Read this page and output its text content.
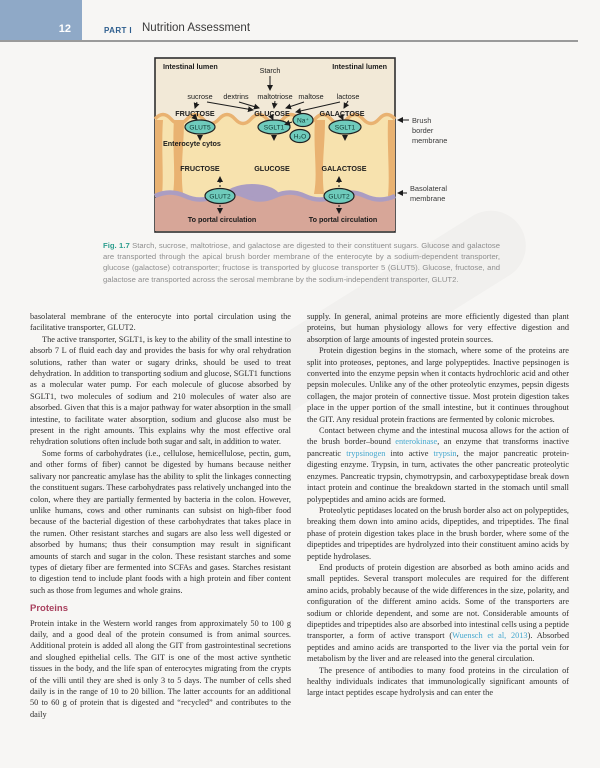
12	PART I Nutrition Assessment
Intestinal lumen	Intestinal lumen
Starch
sucrose dextrins maltotriose maltose lactose
FRUCTOSE	GLUCOSE	GALACTOSE
GLUT5	SGLT1
Na⁺
H₂O
SGLT1
Enterocyte cytos
FRUCTOSE	GLUCOSE	GALACTOSE
GLUT2	GLUT2
To portal circulation	To portal circulation
Brush
border
membrane
Basolateral
membrane
Fig. 1.7 Starch, sucrose, maltotriose, and galactose are digested to their constituent sugars. Glucose and galactose are transported through the apical brush border membrane of the enterocyte by a sodium-dependent transporter, glucose (galactose) cotransporter; fructose is transported by glucose transporter 5 (GLUT5). Glucose, fructose, and galactose are transported across the serosal membrane by the sodium-independent transporter, GLUT2.

basolateral membrane of the enterocyte into portal circulation using the facilitative transporter, GLUT2.

The active transporter, SGLT1, is key to the ability of the small intestine to absorb 7 L of fluid each day and provides the basis for why oral rehydration solutions, rather than water or sugary drinks, should be used to treat dehydration. In addition to transporting sodium and glucose, SGLT1 functions as a molecular water pump. For each molecule of glucose absorbed by SGLT1, two molecules of sodium and 210 molecules of water also are absorbed. Given that this is a major pathway for water absorption in the small intestine, to facilitate water absorption, sodium and glucose also must be present in the right amounts. This explains why the most effective oral rehydration solutions often include both sugar and salt, in addition to water.

Some forms of carbohydrates (i.e., cellulose, hemicellulose, pectin, gum, and other forms of fiber) cannot be digested by humans because neither salivary nor pancreatic amylase has the ability to split the linkages connecting the constituent sugars. These carbohydrates pass relatively unchanged into the colon, where they are partially fermented by bacteria in the colon. However, unlike humans, cows and other ruminants can subsist on high-fiber food because of the bacterial digestion of these carbohydrates that takes place in the rumen. Other resistant starches and sugars are also less well digested or absorbed by humans; thus their consumption may result in significant amounts of starch and sugar in the colon. These resistant starches and some types of dietary fiber are fermented into SCFAs and gases. Starches resistant to digestion tend to include plant foods with a high protein and fiber content such as those from legumes and whole grains.

Proteins

Protein intake in the Western world ranges from approximately 50 to 100 g daily, and a good deal of the protein consumed is from animal sources. Additional protein is added all along the GIT from gastrointestinal secretions and sloughed epithelial cells. The GIT is one of the most active synthetic tissues in the body, and the life span of enterocytes migrating from the crypts of the villi until they are shed is only 3 to 5 days. The number of cells shed daily is in the range of 10 to 20 billion. The latter accounts for an additional 50 to 60 g of protein that is digested and “recycled” and contributes to the daily

supply. In general, animal proteins are more efficiently digested than plant proteins, but human physiology allows for very effective digestion and absorption of large amounts of ingested protein sources.

Protein digestion begins in the stomach, where some of the proteins are split into proteoses, peptones, and large polypeptides. Inactive pepsinogen is converted into the enzyme pepsin when it contacts hydrochloric acid and other pepsin molecules. Unlike any of the other proteolytic enzymes, pepsin digests collagen, the major protein of connective tissue. Most protein digestion takes place in the upper portion of the small intestine, but it continues throughout the GIT. Any residual protein fractions are fermented by colonic microbes.

Contact between chyme and the intestinal mucosa allows for the action of the brush border–bound enterokinase, an enzyme that transforms inactive pancreatic trypsinogen into active trypsin, the major pancreatic protein-digesting enzyme. Trypsin, in turn, activates the other pancreatic proteolytic enzymes. Pancreatic trypsin, chymotrypsin, and carboxypeptidase break down intact protein and continue the breakdown started in the stomach until small polypeptides and amino acids are formed.

Proteolytic peptidases located on the brush border also act on polypeptides, breaking them down into amino acids, dipeptides, and tripeptides. The final phase of protein digestion takes place in the brush border, where some of the dipeptides and tripeptides are hydrolyzed into their constituent amino acids by peptide hydrolases.

End products of protein digestion are absorbed as both amino acids and small peptides. Several transport molecules are required for the different amino acids, probably because of the wide differences in the size, polarity, and configuration of the different amino acids. Some of the transporters are sodium or chloride dependent, and some are not. Considerable amounts of dipeptides and tripeptides also are absorbed into intestinal cells using a peptide transporter, a form of active transport (Wuensch et al, 2013). Absorbed peptides and amino acids are transported to the liver via the portal vein for metabolism by the liver and are released into the general circulation.

The presence of antibodies to many food proteins in the circulation of healthy individuals indicates that immunologically significant amounts of large intact peptides escape hydrolysis and can enter the
